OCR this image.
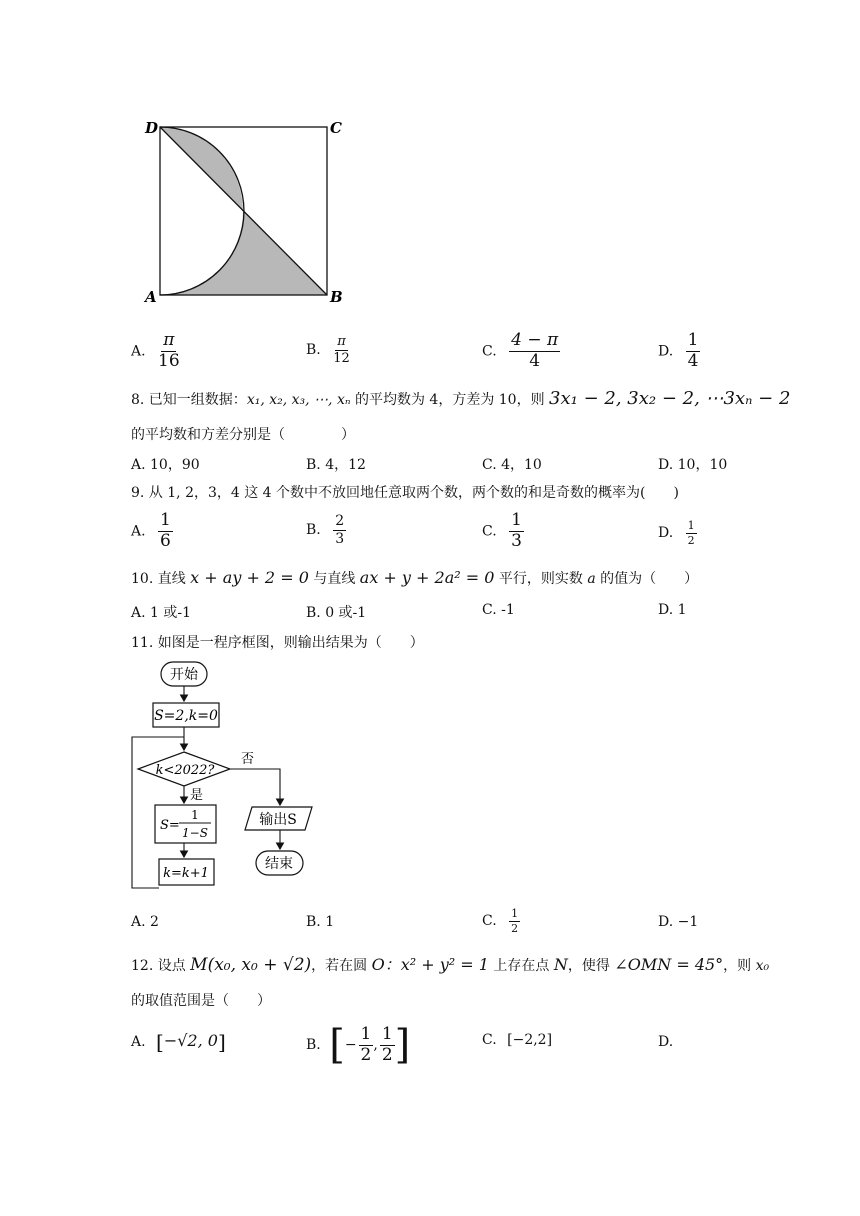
D	C
A	B
A. $\frac{\pi}{16}$	B. $\frac{\pi}{12}$	C. $\frac{4 - \pi}{4}$	D. $\frac{1}{4}$
8. 已知一组数据：x₁, x₂, x₃, ⋯, xₙ 的平均数为 4，方差为 10，则 3x₁ − 2, 3x₂ − 2, ⋯3xₙ − 2
的平均数和方差分别是（　　　　）
A. 10，90	B. 4，12	C. 4，10	D. 10，10
9. 从 1, 2，3，4 这 4 个数中不放回地任意取两个数，两个数的和是奇数的概率为(　　)
A. $\frac{1}{6}$	B. $\frac{2}{3}$	C. $\frac{1}{3}$	D. $\frac{1}{2}$
10. 直线 x + ay + 2 = 0 与直线 ax + y + 2a² = 0 平行，则实数 a 的值为（　　）
A. 1 或-1	B. 0 或-1	C. -1	D. 1
11. 如图是一程序框图，则输出结果为（　　）
开始
S=2,k=0
k<2022?
否
是
S=
1
1−S
k=k+1
输出S
结束
A. 2	B. 1	C. $\frac{1}{2}$	D. −1
12. 设点 M(x₀, x₀ + √2)，若在圆 O：x² + y² = 1 上存在点 N，使得 ∠OMN = 45°，则 x₀
的取值范围是（　　）
A. [−√2, 0]	B. [− $\frac{1}{2}$ , $\frac{1}{2}$ ]	C. [−2,2]	D.
